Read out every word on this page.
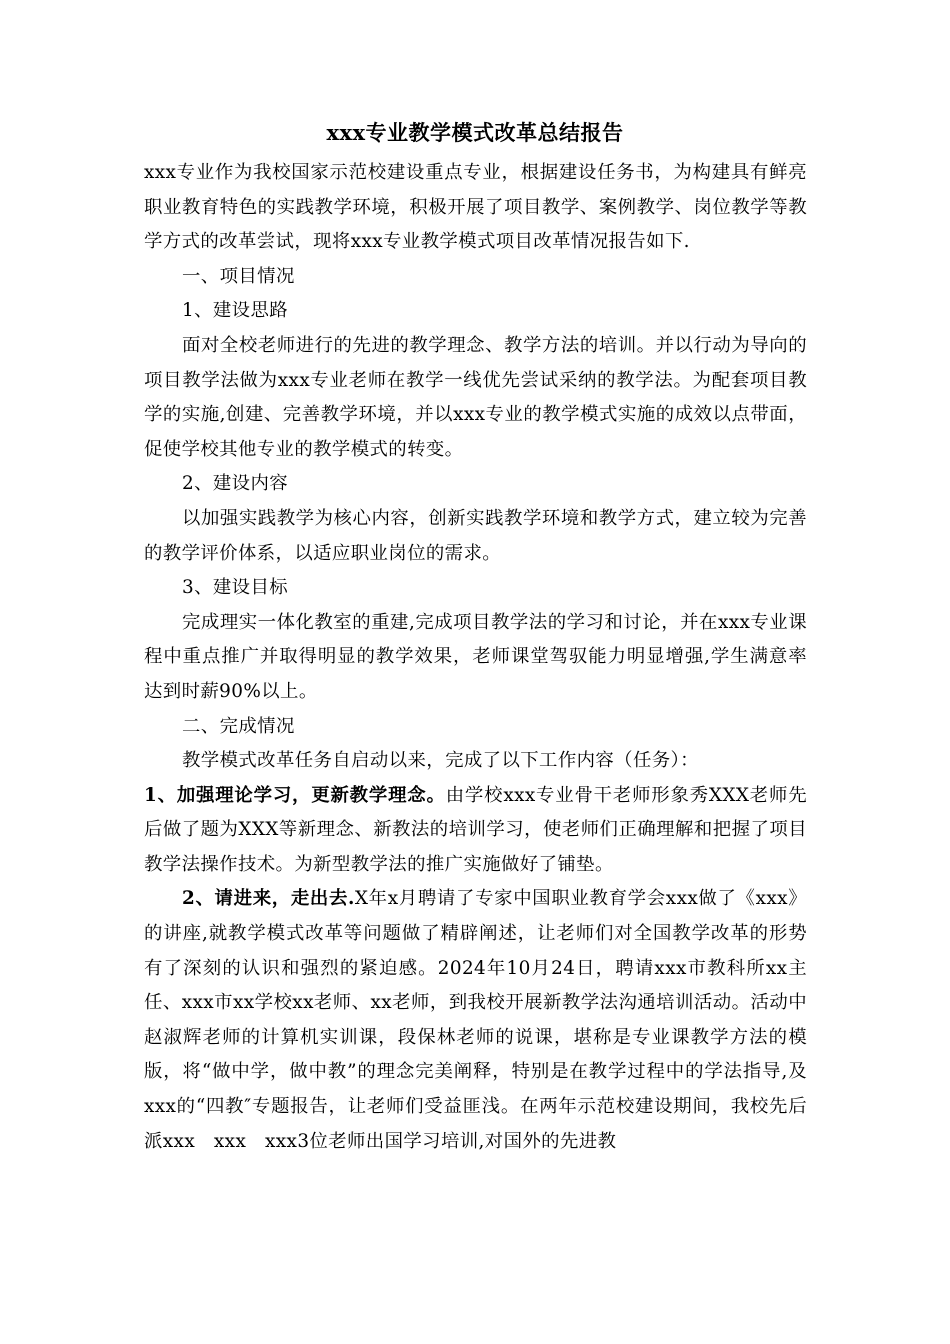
xxx专业教学模式改革总结报告

xxx专业作为我校国家示范校建设重点专业，根据建设任务书，为构建具有鲜亮职业教育特色的实践教学环境，积极开展了项目教学、案例教学、岗位教学等教学方式的改革尝试，现将xxx专业教学模式项目改革情况报告如下.

一、项目情况

1、建设思路

面对全校老师进行的先进的教学理念、教学方法的培训。并以行动为导向的项目教学法做为xxx专业老师在教学一线优先尝试采纳的教学法。为配套项目教学的实施,创建、完善教学环境，并以xxx专业的教学模式实施的成效以点带面，促使学校其他专业的教学模式的转变。

2、建设内容

以加强实践教学为核心内容，创新实践教学环境和教学方式，建立较为完善的教学评价体系，以适应职业岗位的需求。

3、建设目标

完成理实一体化教室的重建,完成项目教学法的学习和讨论，并在xxx专业课程中重点推广并取得明显的教学效果，老师课堂驾驭能力明显增强,学生满意率达到时薪90%以上。

二、完成情况

教学模式改革任务自启动以来，完成了以下工作内容（任务）：

1、加强理论学习，更新教学理念。由学校xxx专业骨干老师形象秀XXX老师先后做了题为XXX等新理念、新教法的培训学习，使老师们正确理解和把握了项目教学法操作技术。为新型教学法的推广实施做好了铺垫。

2、请进来，走出去.X年x月聘请了专家中国职业教育学会xxx做了《xxx》的讲座,就教学模式改革等问题做了精辟阐述，让老师们对全国教学改革的形势有了深刻的认识和强烈的紧迫感。2024年10月24日，聘请xxx市教科所xx主任、xxx市xx学校xx老师、xx老师，到我校开展新教学法沟通培训活动。活动中赵淑辉老师的计算机实训课，段保林老师的说课，堪称是专业课教学方法的模版，将“做中学，做中教”的理念完美阐释，特别是在教学过程中的学法指导,及xxx的“四教″专题报告，让老师们受益匪浅。在两年示范校建设期间，我校先后派xxx　xxx　xxx3位老师出国学习培训,对国外的先进教
